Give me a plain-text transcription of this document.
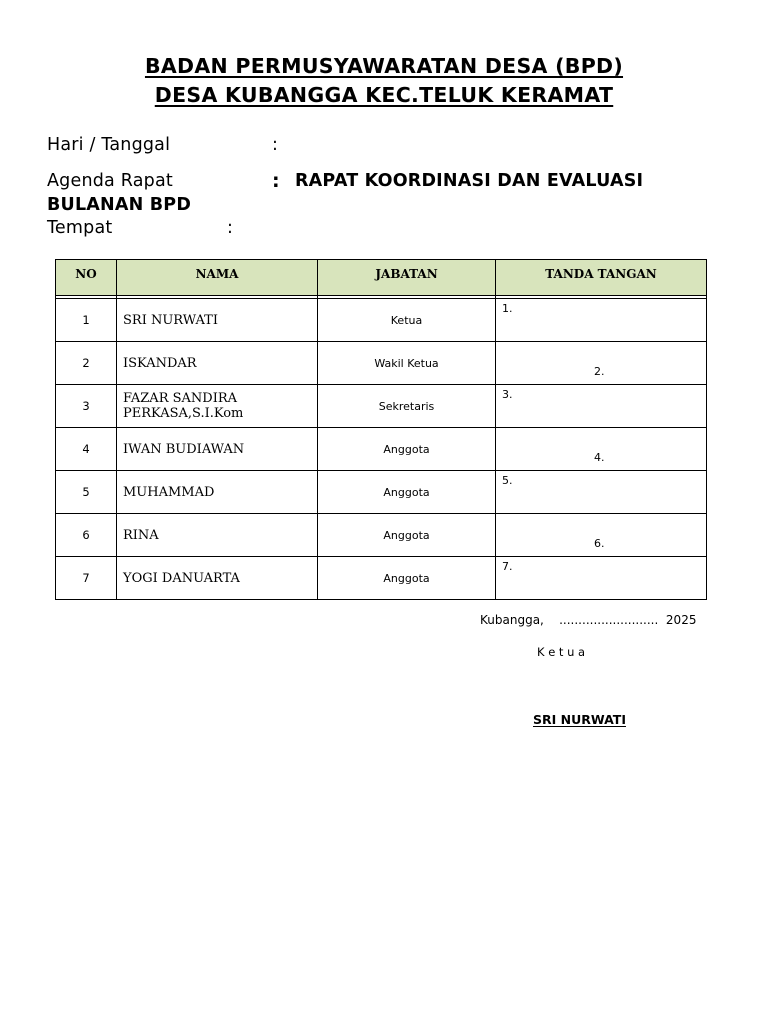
BADAN PERMUSYAWARATAN DESA (BPD)
DESA KUBANGGA KEC.TELUK KERAMAT
Hari / Tanggal	:
Agenda Rapat	: RAPAT KOORDINASI DAN EVALUASI
BULANAN BPD
Tempat	:
NO	NAMA	JABATAN	TANDA TANGAN

1	SRI NURWATI	Ketua	1.

2	ISKANDAR	Wakil Ketua	2.

3	FAZAR SANDIRA PERKASA,S.I.Kom	Sekretaris	3.

4	IWAN BUDIAWAN	Anggota	4.

5	MUHAMMAD	Anggota	5.

6	RINA	Anggota	6.

7	YOGI DANUARTA	Anggota	7.
Kubangga,    ..........................  2025
K e t u a
SRI NURWATI
